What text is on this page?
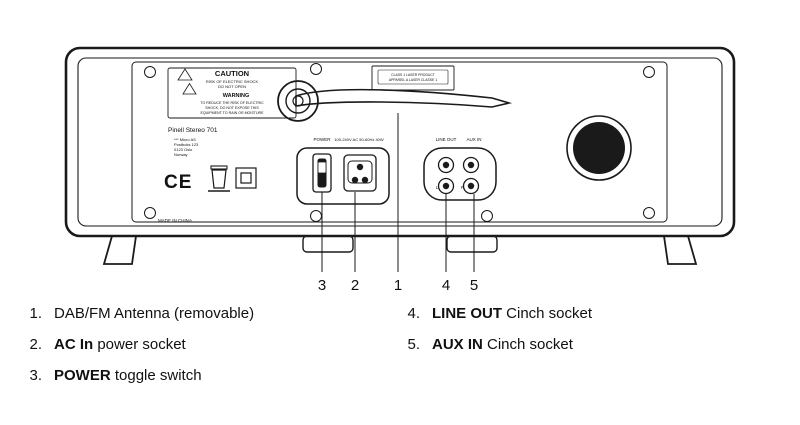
CAUTION
RISK OF ELECTRIC SHOCK
DO NOT OPEN
WARNING
TO REDUCE THE RISK OF ELECTRIC
SHOCK, DO NOT EXPOSE THIS
EQUIPMENT TO RAIN OR MOISTURE
Pinell Stereo 701
*** Micro AS
Postboks 123
0123 Oslo
Norway
CE
MADE IN CHINA
CLASS 1 LASER PRODUCT
APPAREIL A LASER CLASSE 1
POWER 100-240V AC 50-60Hz 40W	LINE OUT AUX IN
L	R
3 2 1	4 5
1. DAB/FM Antenna (removable)
2. AC In power socket
3. POWER toggle switch
4. LINE OUT Cinch socket
5. AUX IN Cinch socket
